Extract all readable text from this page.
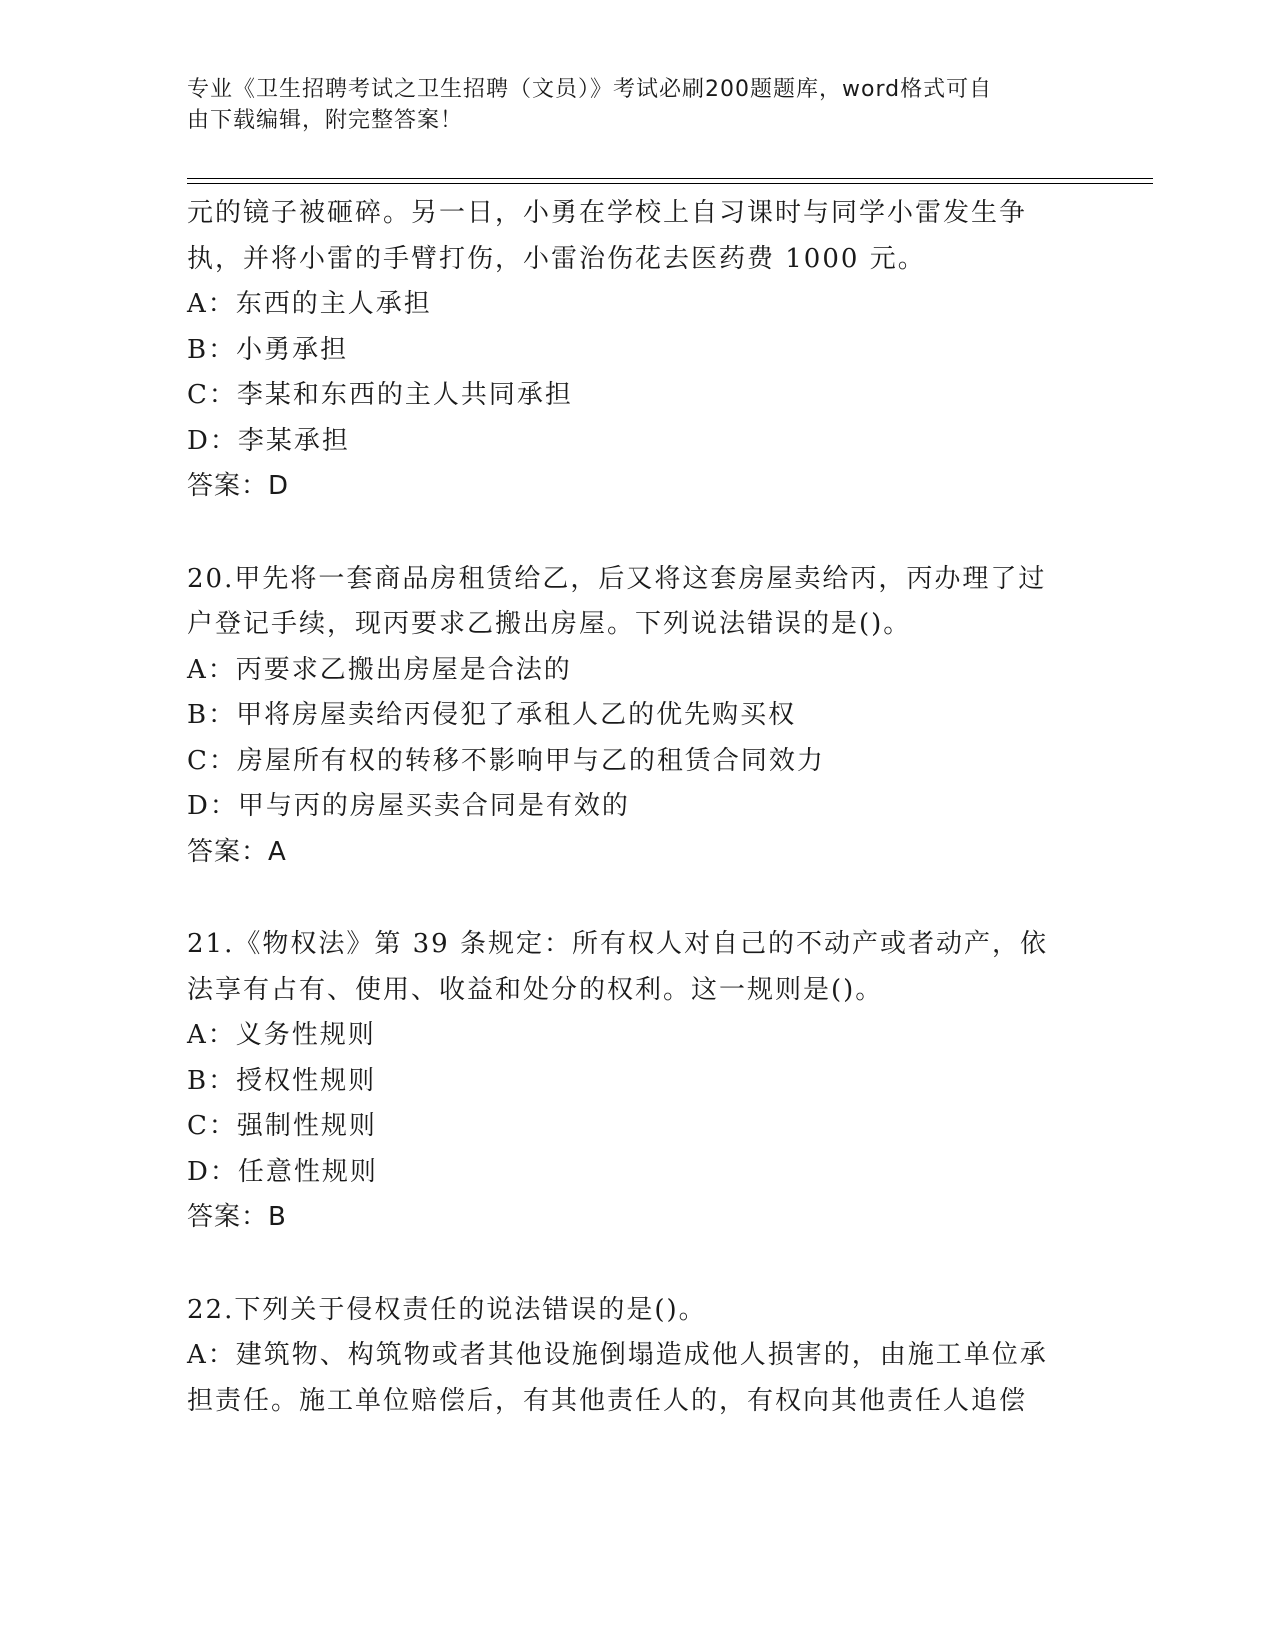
专业《卫生招聘考试之卫生招聘（文员）》考试必刷200题题库，word格式可自
由下载编辑，附完整答案！
元的镜子被砸碎。另一日，小勇在学校上自习课时与同学小雷发生争
执，并将小雷的手臂打伤，小雷治伤花去医药费 1000 元。
A：东西的主人承担
B：小勇承担
C：李某和东西的主人共同承担
D：李某承担
答案：D
20.甲先将一套商品房租赁给乙，后又将这套房屋卖给丙，丙办理了过
户登记手续，现丙要求乙搬出房屋。下列说法错误的是()。
A：丙要求乙搬出房屋是合法的
B：甲将房屋卖给丙侵犯了承租人乙的优先购买权
C：房屋所有权的转移不影响甲与乙的租赁合同效力
D：甲与丙的房屋买卖合同是有效的
答案：A
21.《物权法》第 39 条规定：所有权人对自己的不动产或者动产，依
法享有占有、使用、收益和处分的权利。这一规则是()。
A：义务性规则
B：授权性规则
C：强制性规则
D：任意性规则
答案：B
22.下列关于侵权责任的说法错误的是()。
A：建筑物、构筑物或者其他设施倒塌造成他人损害的，由施工单位承
担责任。施工单位赔偿后，有其他责任人的，有权向其他责任人追偿
